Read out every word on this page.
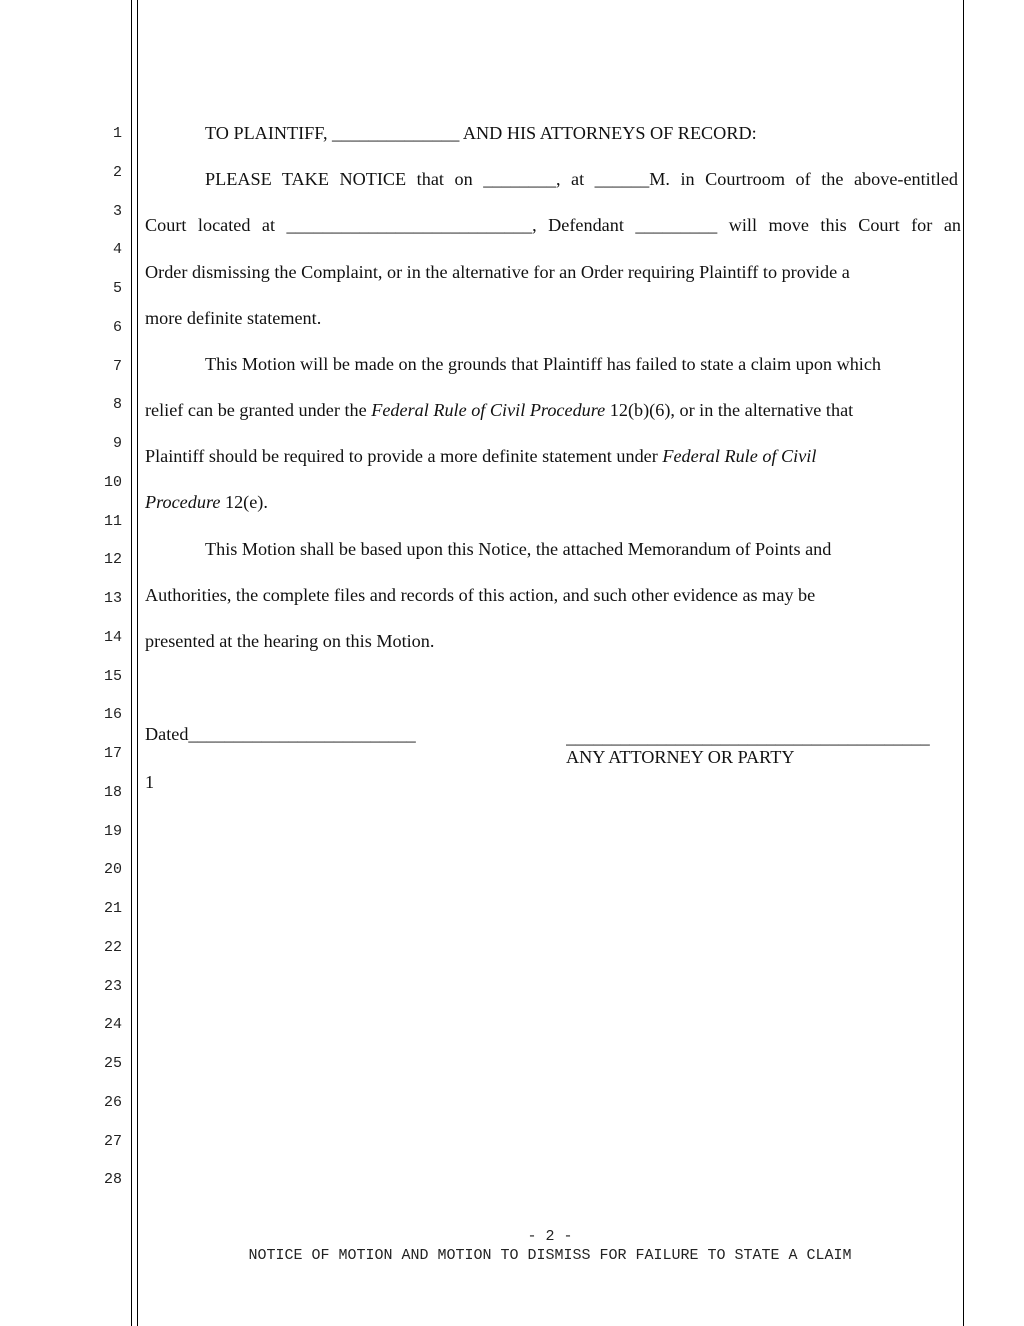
1
2
3
4
5
6
7
8
9
10
11
12
13
14
15
16
17
18
19
20
21
22
23
24
25
26
27
28
TO PLAINTIFF, ______________ AND HIS ATTORNEYS OF RECORD:
PLEASE TAKE NOTICE that on ________, at ______M. in Courtroom of the above-entitled
Court located at ___________________________, Defendant _________ will move this Court for an
Order dismissing the Complaint, or in the alternative for an Order requiring Plaintiff to provide a
more definite statement.
This Motion will be made on the grounds that Plaintiff has failed to state a claim upon which
relief can be granted under the Federal Rule of Civil Procedure 12(b)(6), or in the alternative that
Plaintiff should be required to provide a more definite statement under Federal Rule of Civil
Procedure 12(e).
This Motion shall be based upon this Notice, the attached Memorandum of Points and
Authorities, the complete files and records of this action, and such other evidence as may be
presented at the hearing on this Motion.
Dated_________________________	________________________________________
ANY ATTORNEY OR PARTY
1
- 2 -
NOTICE OF MOTION AND MOTION TO DISMISS FOR FAILURE TO STATE A CLAIM
